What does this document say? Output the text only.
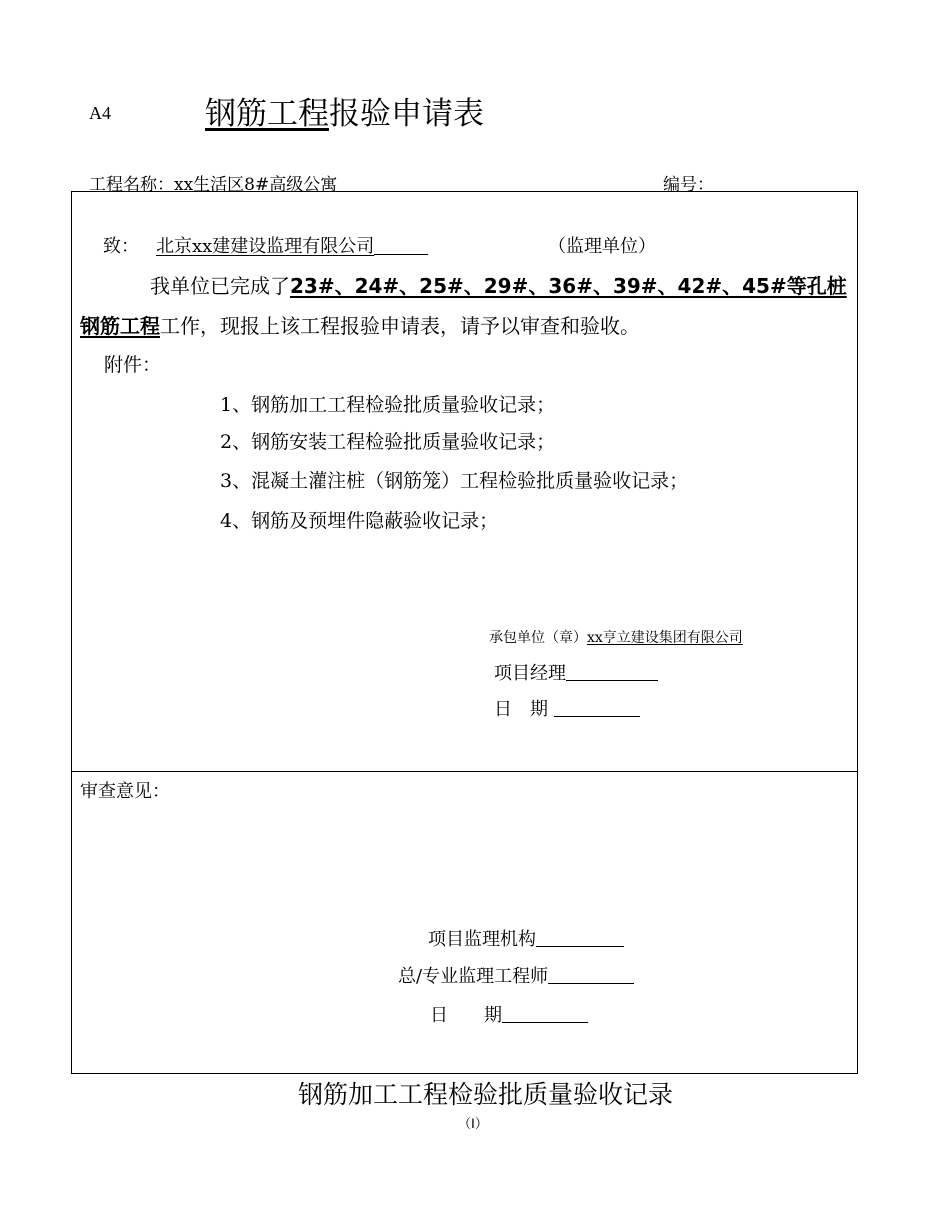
A4	钢筋工程报验申请表
工程名称：xx生活区8#高级公寓	编号：
致： 北京xx建建设监理有限公司	（监理单位）
我单位已完成了23#、24#、25#、29#、36#、39#、42#、45#等孔桩
钢筋工程工作，现报上该工程报验申请表，请予以审查和验收。
附件：
1、钢筋加工工程检验批质量验收记录；
2、钢筋安装工程检验批质量验收记录；
3、混凝土灌注桩（钢筋笼）工程检验批质量验收记录；
4、钢筋及预埋件隐蔽验收记录；
承包单位（章）xx亨立建设集团有限公司
项目经理
日　期
审查意见：
项目监理机构
总/专业监理工程师
日　　期
钢筋加工工程检验批质量验收记录
（Ⅰ）
